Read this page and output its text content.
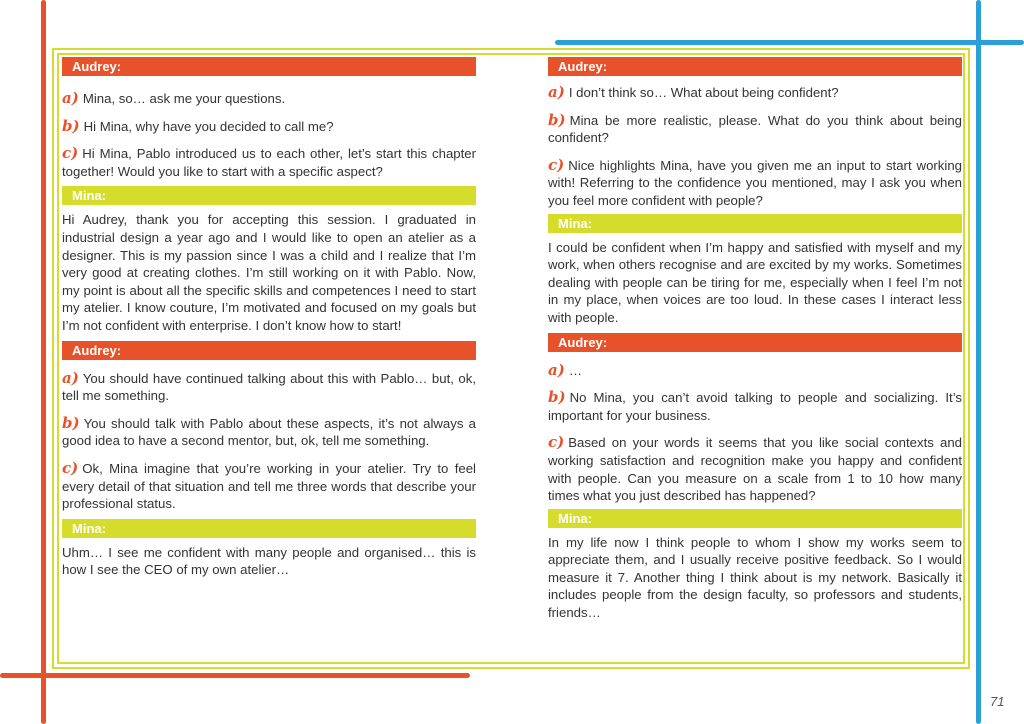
Audrey:

a) Mina, so… ask me your questions.

b) Hi Mina, why have you decided to call me?

c) Hi Mina, Pablo introduced us to each other, let’s start this chapter together! Would you like to start with a specific aspect?

Mina:

Hi Audrey, thank you for accepting this session. I graduated in industrial design a year ago and I would like to open an atelier as a designer. This is my passion since I was a child and I realize that I’m very good at creating clothes. I’m still working on it with Pablo. Now, my point is about all the specific skills and competences I need to start my atelier. I know couture, I’m motivated and focused on my goals but I’m not confident with enterprise. I don’t know how to start!

Audrey:

a) You should have continued talking about this with Pablo… but, ok, tell me something.

b) You should talk with Pablo about these aspects, it’s not always a good idea to have a second mentor, but, ok, tell me something.

c) Ok, Mina imagine that you’re working in your atelier. Try to feel every detail of that situation and tell me three words that describe your professional status.

Mina:

Uhm… I see me confident with many people and organised… this is how I see the CEO of my own atelier…

Audrey:

a) I don’t think so… What about being confident?

b) Mina be more realistic, please. What do you think about being confident?

c) Nice highlights Mina, have you given me an input to start working with! Referring to the confidence you mentioned, may I ask you when you feel more confident with people?

Mina:

I could be confident when I’m happy and satisfied with myself and my work, when others recognise and are excited by my works. Sometimes dealing with people can be tiring for me, especially when I feel I’m not in my place, when voices are too loud. In these cases I interact less with people.

Audrey:

a) …

b) No Mina, you can’t avoid talking to people and socializing. It’s important for your business.

c) Based on your words it seems that you like social contexts and working satisfaction and recognition make you happy and confident with people. Can you measure on a scale from 1 to 10 how many times what you just described has happened?

Mina:

In my life now I think people to whom I show my works seem to appreciate them, and I usually receive positive feedback. So I would measure it 7. Another thing I think about is my network. Basically it includes people from the design faculty, so professors and students, friends…

71
